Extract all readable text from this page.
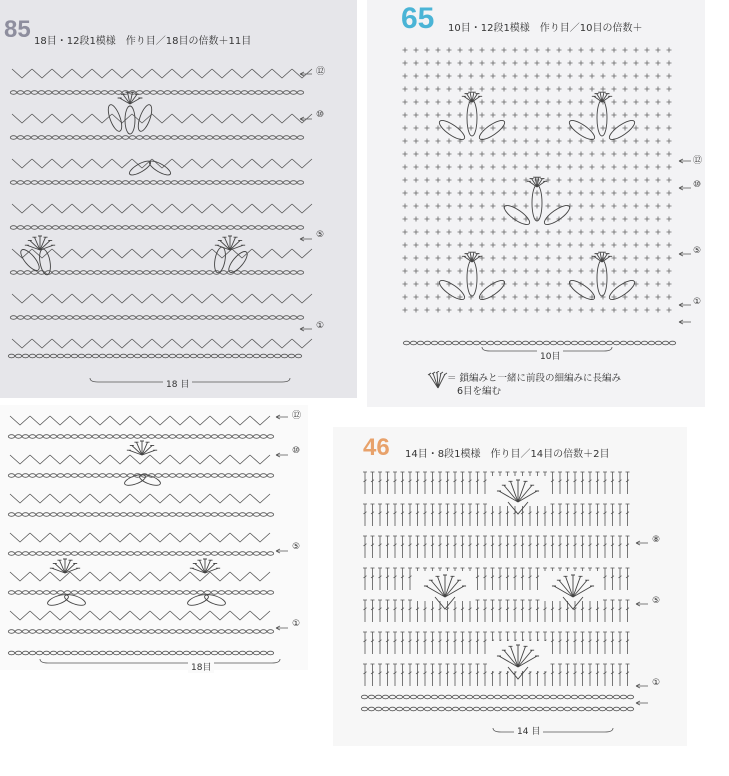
85 18目・12段1模様　作り目／18目の倍数＋11目
⑫
⑩
⑤
①
18 目
65 10目・12段1模様　作り目／10目の倍数＋
⑫
⑩
⑤
①
10目
＝ 鎖編みと一緒に前段の細編みに長編み
6目を編む
⑫
⑩
⑤
①
18目
46 14目・8段1模様　作り目／14目の倍数＋2目
⑧
⑤
①
14 目
